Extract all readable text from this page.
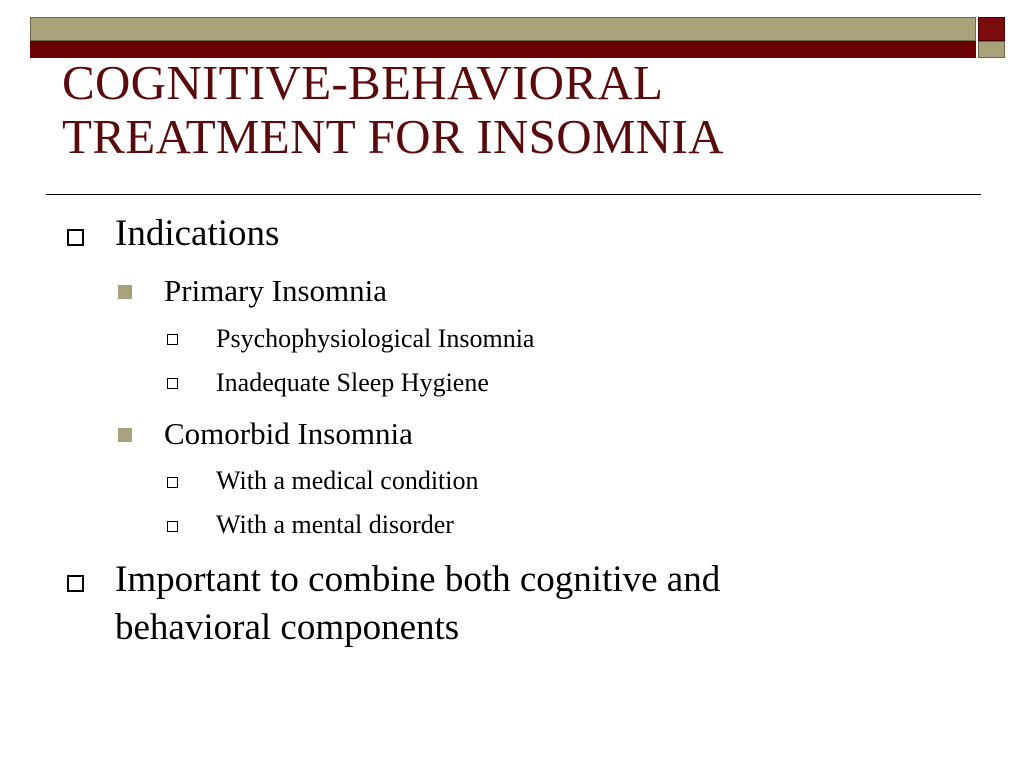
COGNITIVE-BEHAVIORAL
TREATMENT FOR INSOMNIA
Indications
Primary Insomnia
Psychophysiological Insomnia
Inadequate Sleep Hygiene
Comorbid Insomnia
With a medical condition
With a mental disorder
Important to combine both cognitive and
behavioral components
